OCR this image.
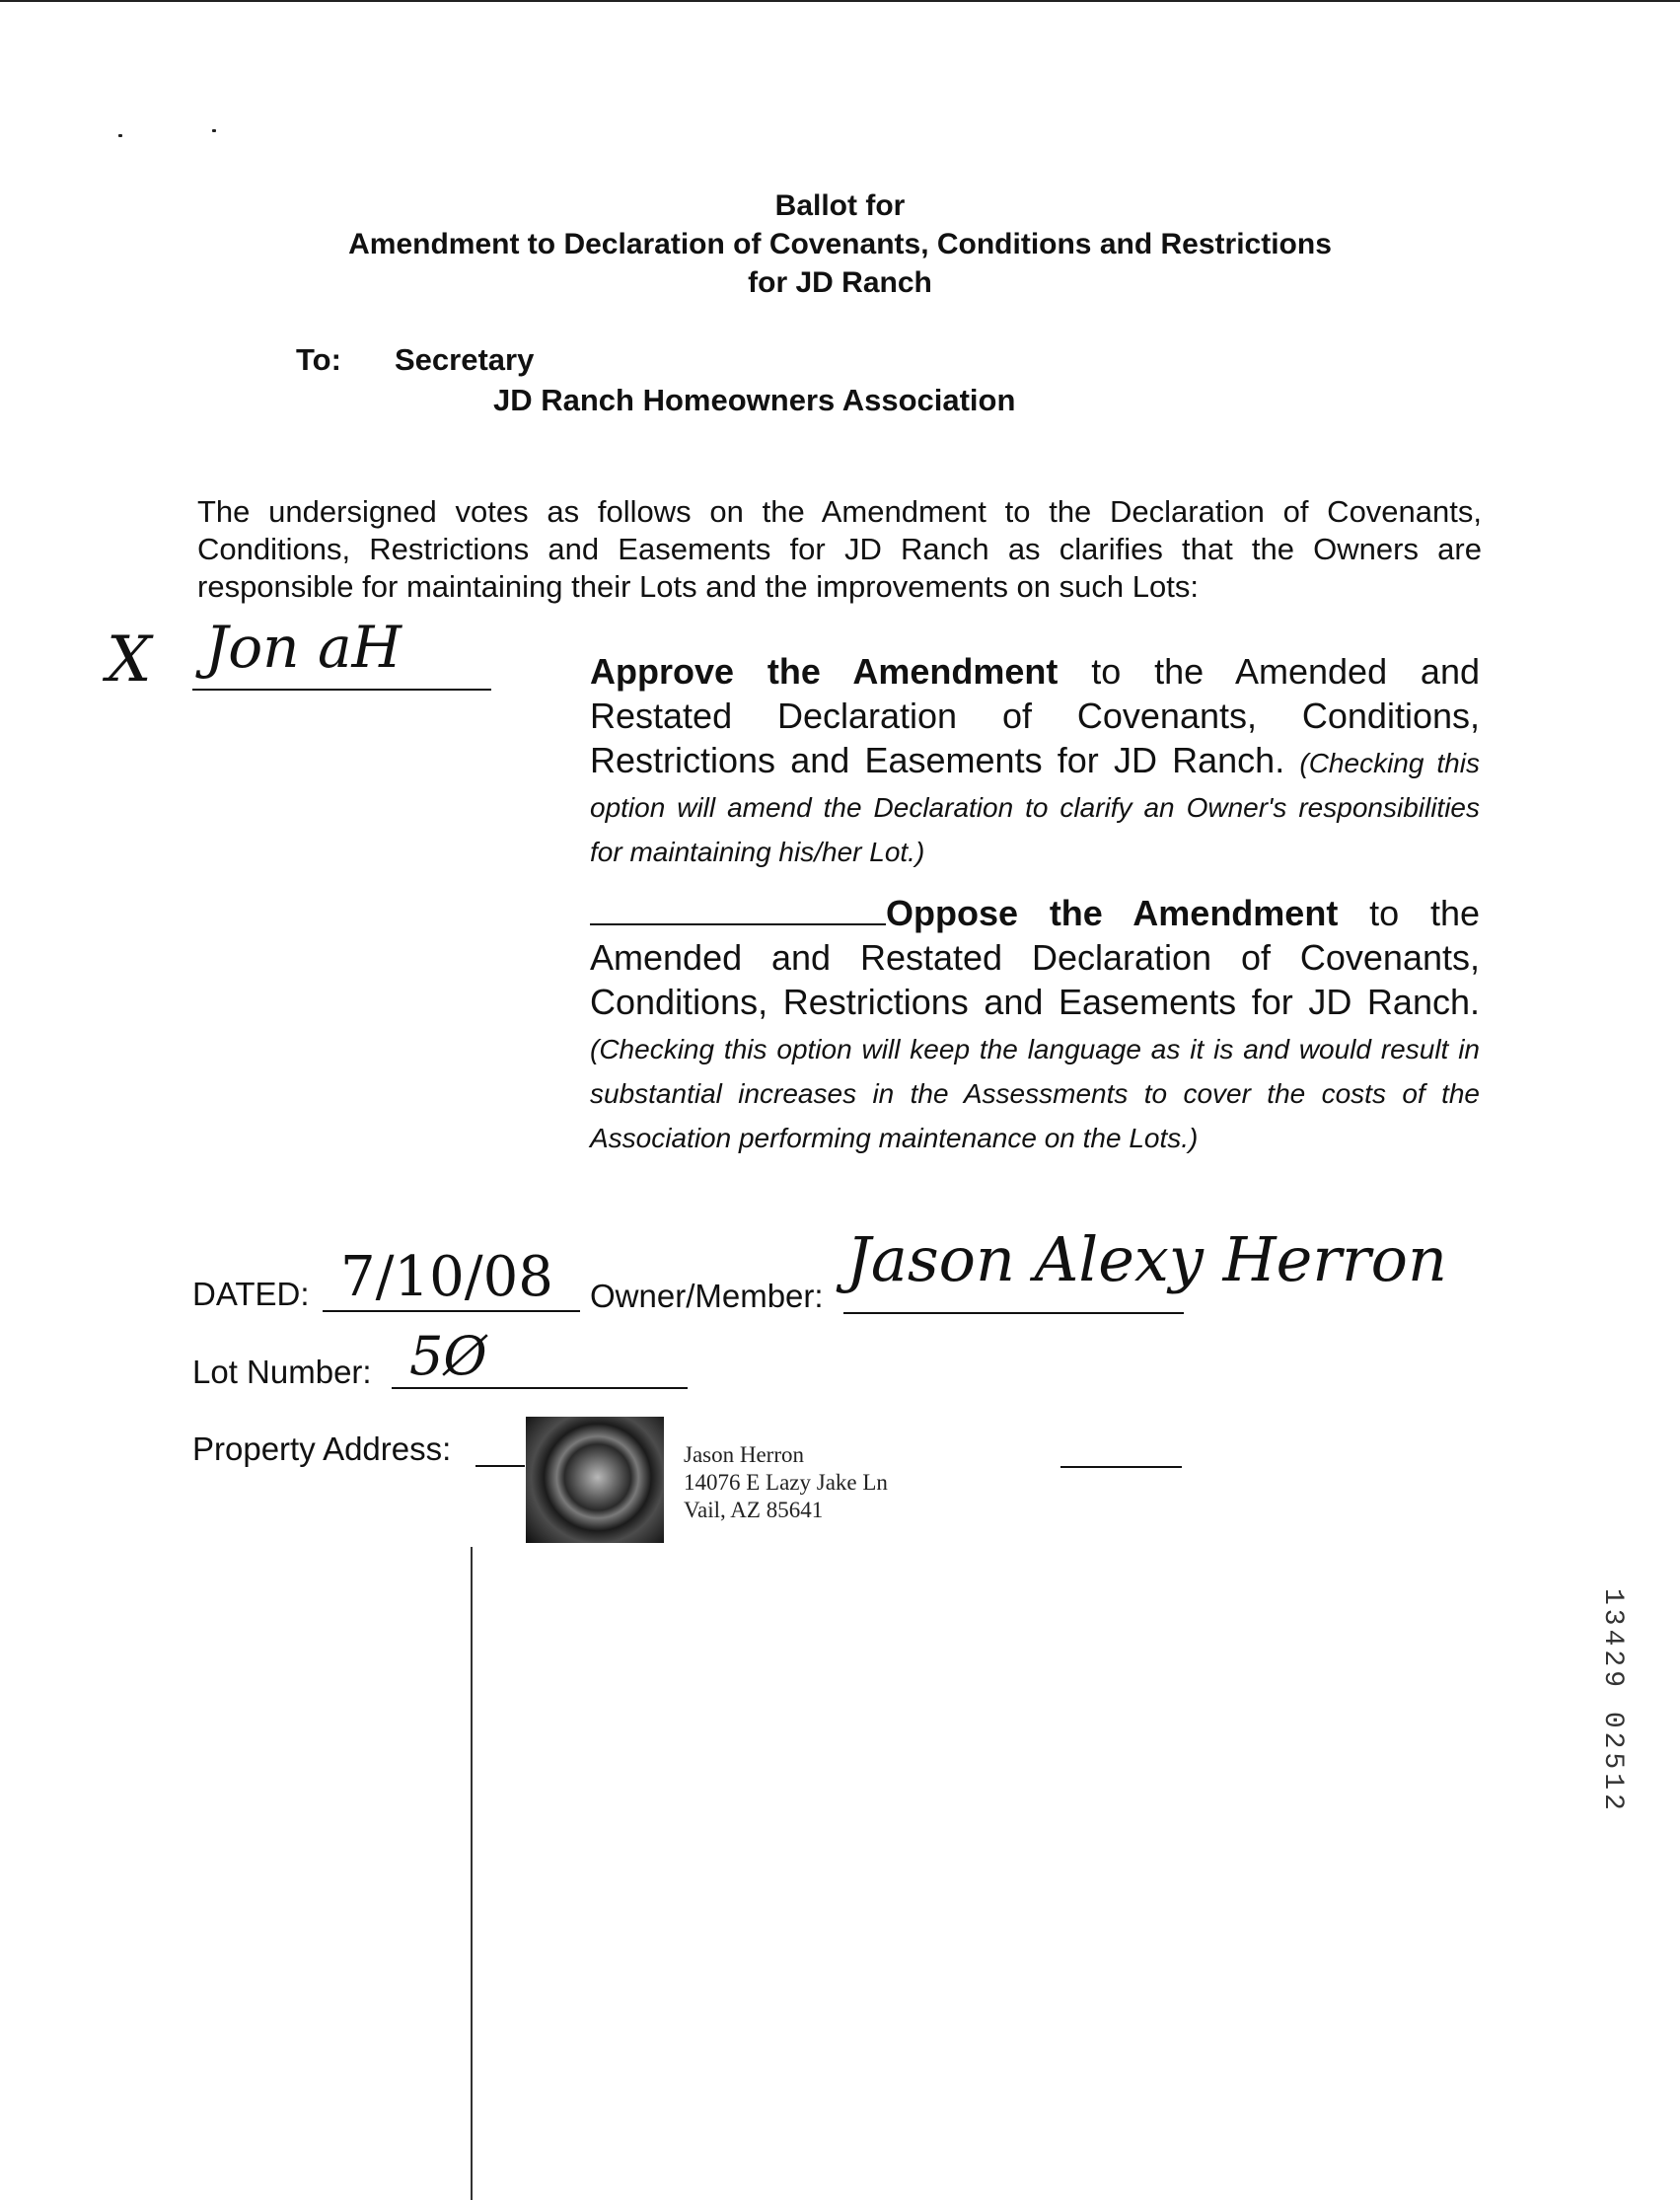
Ballot for
Amendment to Declaration of Covenants, Conditions and Restrictions
for JD Ranch
To: Secretary
JD Ranch Homeowners Association
The undersigned votes as follows on the Amendment to the Declaration of Covenants, Conditions, Restrictions and Easements for JD Ranch as clarifies that the Owners are responsible for maintaining their Lots and the improvements on such Lots:
X Jon aH	Approve the Amendment to the Amended and Restated Declaration of Covenants, Conditions, Restrictions and Easements for JD Ranch. (Checking this option will amend the Declaration to clarify an Owner's responsibilities for maintaining his/her Lot.)
Oppose the Amendment to the Amended and Restated Declaration of Covenants, Conditions, Restrictions and Easements for JD Ranch. (Checking this option will keep the language as it is and would result in substantial increases in the Assessments to cover the costs of the Association performing maintenance on the Lots.)
DATED: 7/10/08 Owner/Member:
Jason Alexy Herron
Lot Number: 5Ø
Property Address:	Jason Herron
14076 E Lazy Jake Ln
Vail, AZ 85641
13429 02512
